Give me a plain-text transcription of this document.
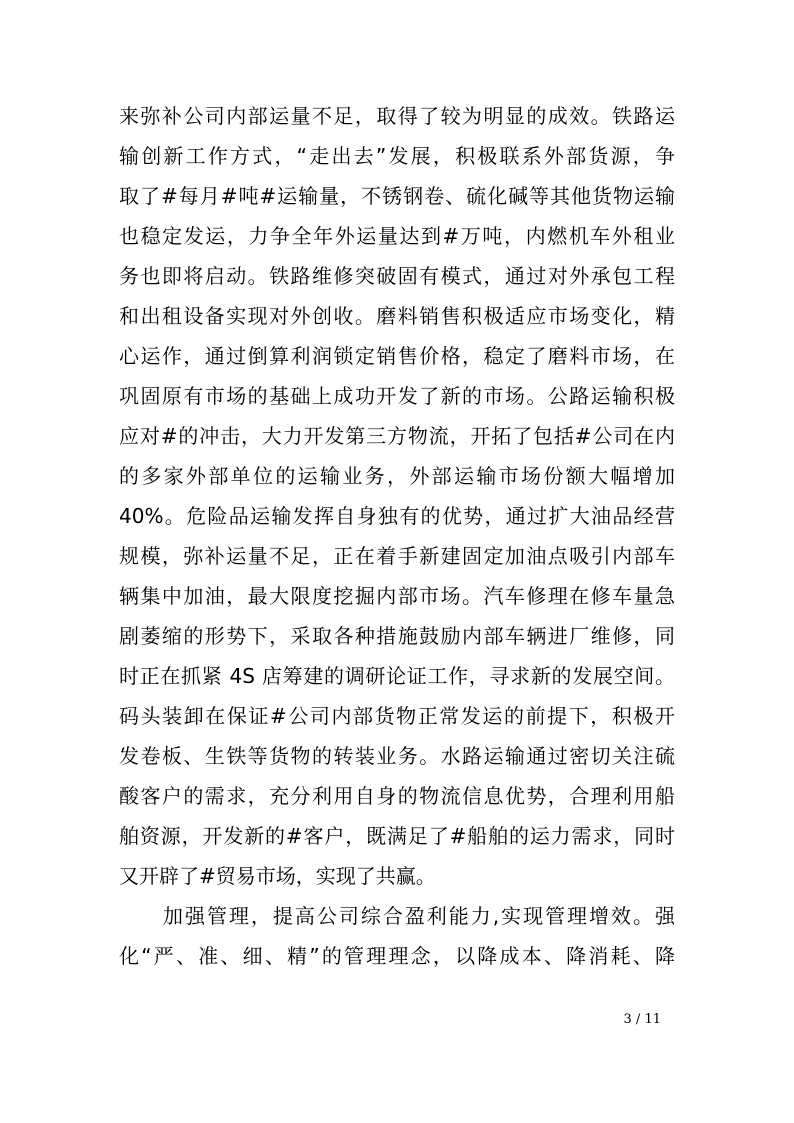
来弥补公司内部运量不足，取得了较为明显的成效。铁路运
输创新工作方式，“走出去”发展，积极联系外部货源，争
取了#每月#吨#运输量，不锈钢卷、硫化碱等其他货物运输
也稳定发运，力争全年外运量达到#万吨，内燃机车外租业
务也即将启动。铁路维修突破固有模式，通过对外承包工程
和出租设备实现对外创收。磨料销售积极适应市场变化，精
心运作，通过倒算利润锁定销售价格，稳定了磨料市场，在
巩固原有市场的基础上成功开发了新的市场。公路运输积极
应对#的冲击，大力开发第三方物流，开拓了包括#公司在内
的多家外部单位的运输业务，外部运输市场份额大幅增加
40%。危险品运输发挥自身独有的优势，通过扩大油品经营
规模，弥补运量不足，正在着手新建固定加油点吸引内部车
辆集中加油，最大限度挖掘内部市场。汽车修理在修车量急
剧萎缩的形势下，采取各种措施鼓励内部车辆进厂维修，同
时正在抓紧 4S 店筹建的调研论证工作，寻求新的发展空间。
码头装卸在保证#公司内部货物正常发运的前提下，积极开
发卷板、生铁等货物的转装业务。水路运输通过密切关注硫
酸客户的需求，充分利用自身的物流信息优势，合理利用船
舶资源，开发新的#客户，既满足了#船舶的运力需求，同时
又开辟了#贸易市场，实现了共赢。
加强管理，提高公司综合盈利能力,实现管理增效。强
化“严、准、细、精”的管理理念，以降成本、降消耗、降
3 / 11
